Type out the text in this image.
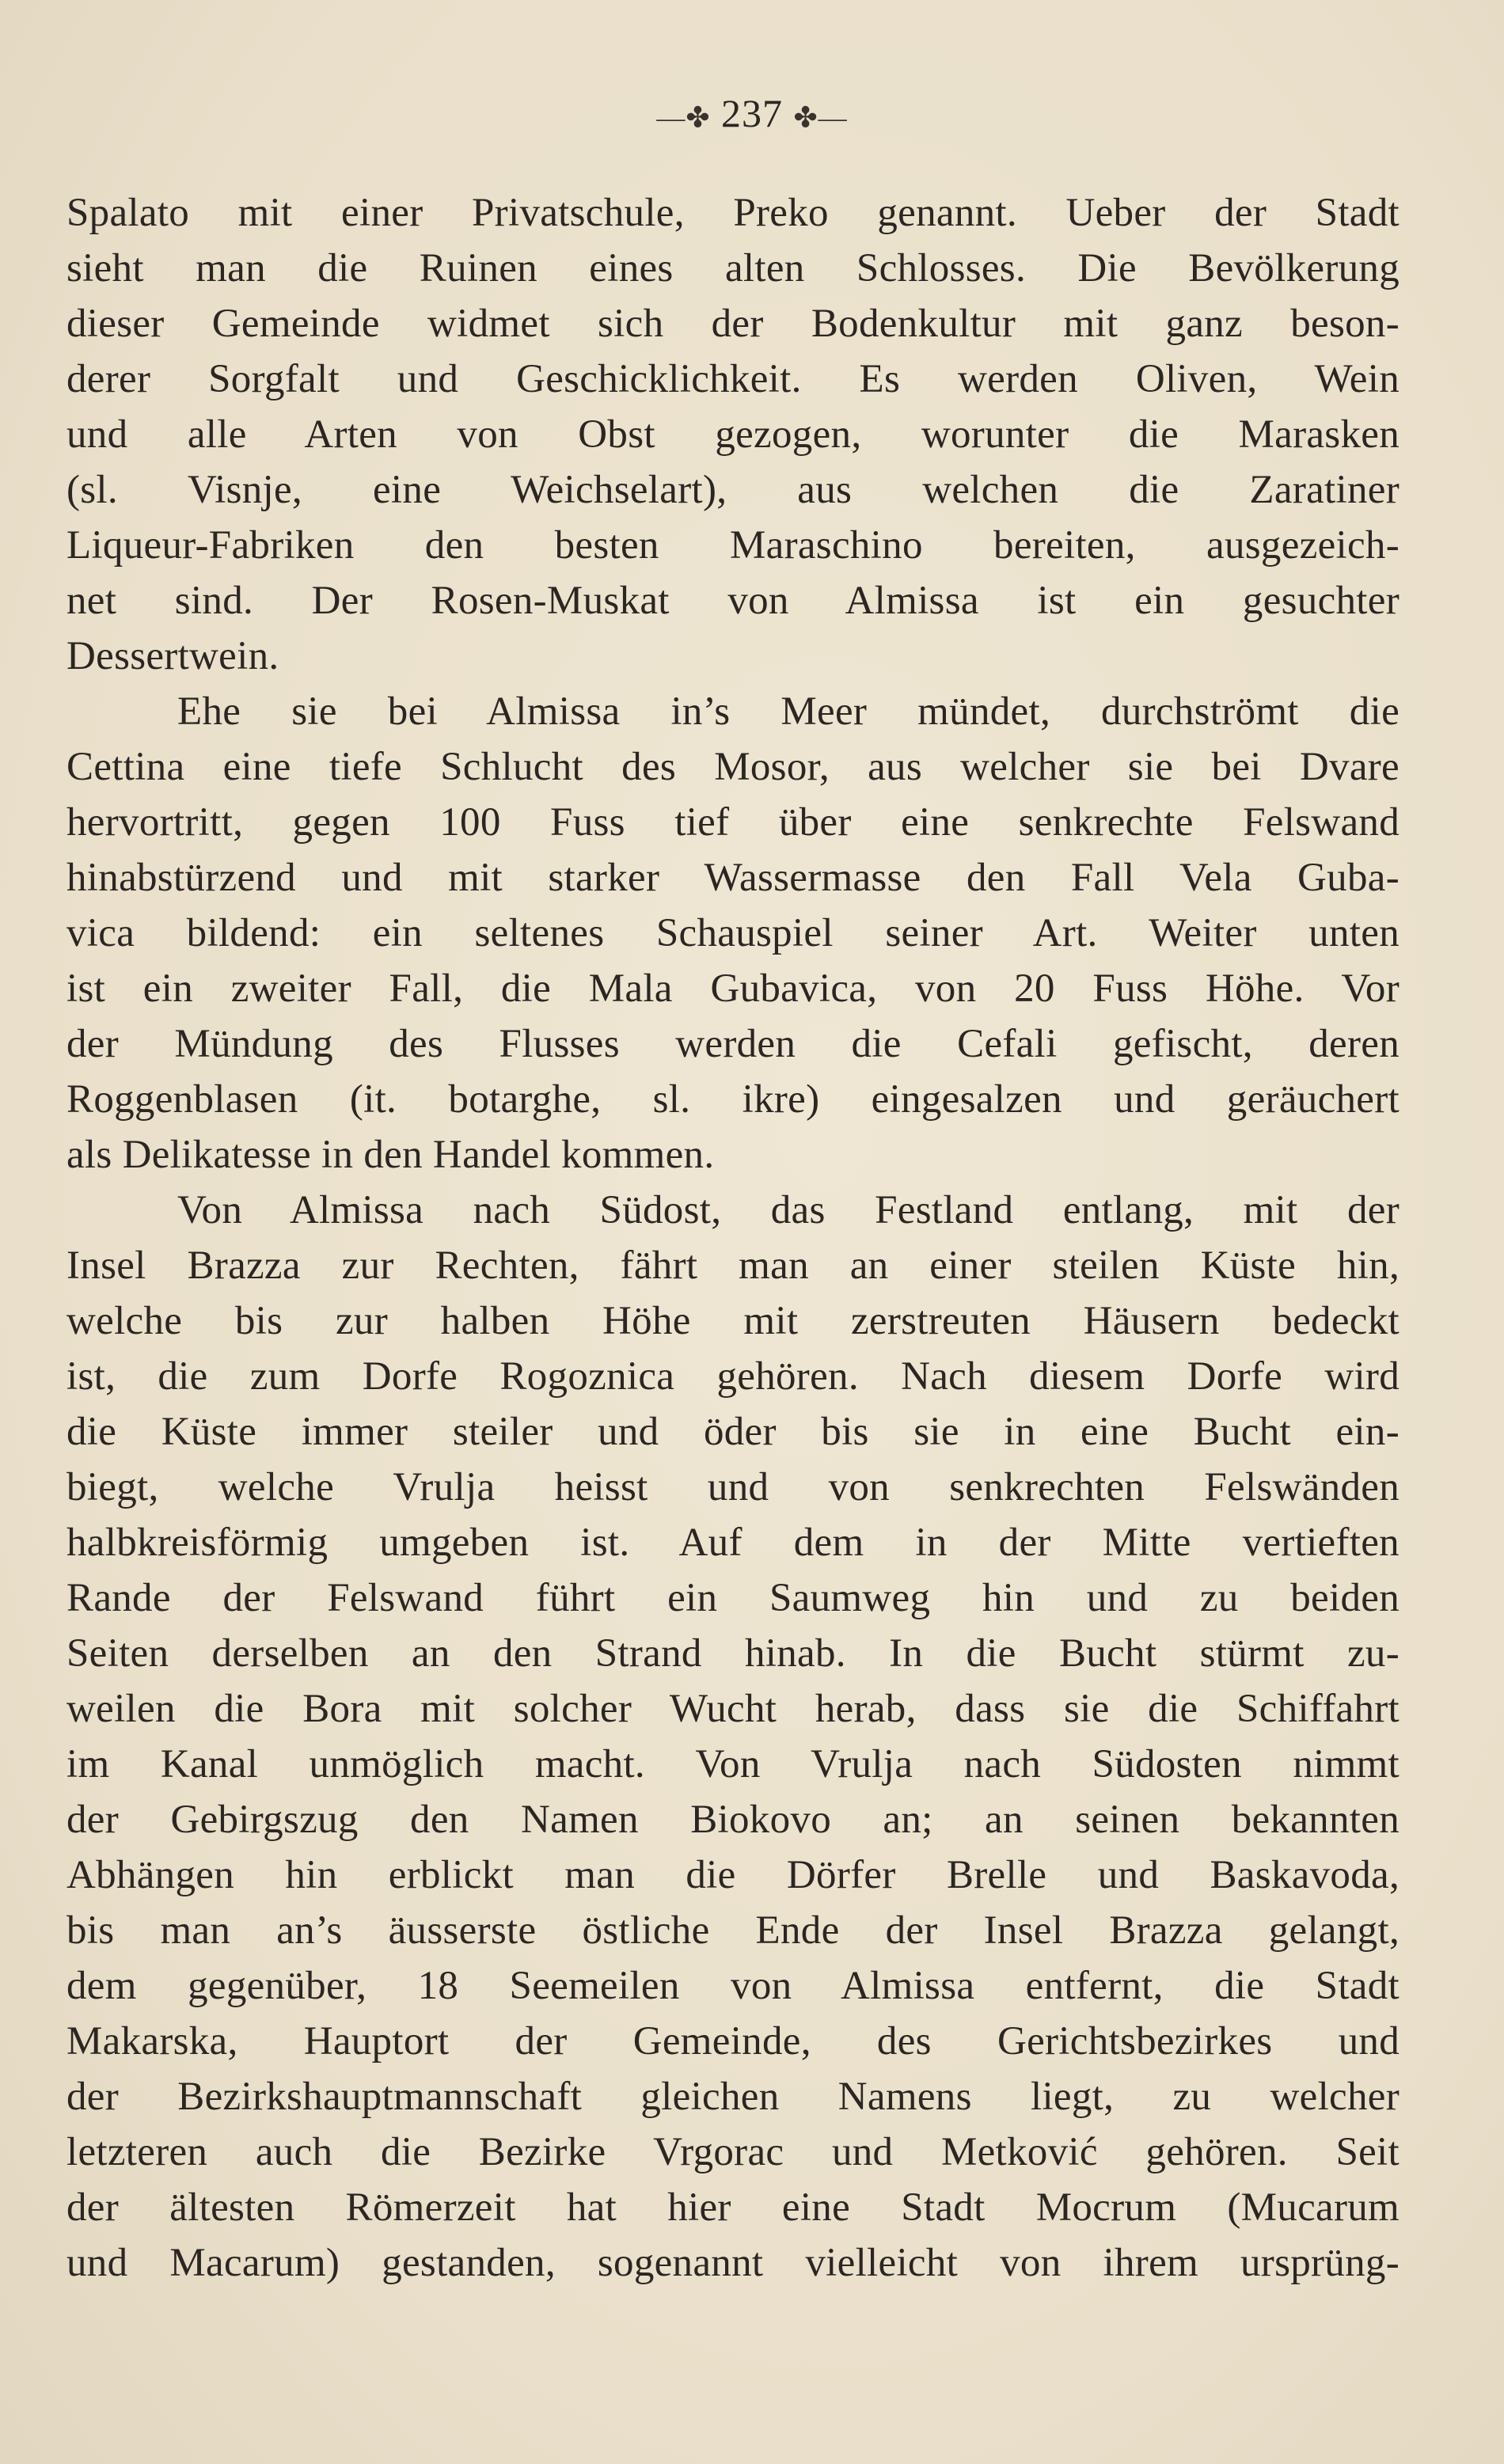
—✤ 237 ✤—
Spalato mit einer Privatschule, Preko genannt. Ueber der Stadt
sieht man die Ruinen eines alten Schlosses. Die Bevölkerung
dieser Gemeinde widmet sich der Bodenkultur mit ganz beson-
derer Sorgfalt und Geschicklichkeit. Es werden Oliven, Wein
und alle Arten von Obst gezogen, worunter die Marasken
(sl. Visnje, eine Weichselart), aus welchen die Zaratiner
Liqueur-Fabriken den besten Maraschino bereiten, ausgezeich-
net sind. Der Rosen-Muskat von Almissa ist ein gesuchter
Dessertwein.
Ehe sie bei Almissa in’s Meer mündet, durchströmt die
Cettina eine tiefe Schlucht des Mosor, aus welcher sie bei Dvare
hervortritt, gegen 100 Fuss tief über eine senkrechte Felswand
hinabstürzend und mit starker Wassermasse den Fall Vela Guba-
vica bildend: ein seltenes Schauspiel seiner Art. Weiter unten
ist ein zweiter Fall, die Mala Gubavica, von 20 Fuss Höhe. Vor
der Mündung des Flusses werden die Cefali gefischt, deren
Roggenblasen (it. botarghe, sl. ikre) eingesalzen und geräuchert
als Delikatesse in den Handel kommen.
Von Almissa nach Südost, das Festland entlang, mit der
Insel Brazza zur Rechten, fährt man an einer steilen Küste hin,
welche bis zur halben Höhe mit zerstreuten Häusern bedeckt
ist, die zum Dorfe Rogoznica gehören. Nach diesem Dorfe wird
die Küste immer steiler und öder bis sie in eine Bucht ein-
biegt, welche Vrulja heisst und von senkrechten Felswänden
halbkreisförmig umgeben ist. Auf dem in der Mitte vertieften
Rande der Felswand führt ein Saumweg hin und zu beiden
Seiten derselben an den Strand hinab. In die Bucht stürmt zu-
weilen die Bora mit solcher Wucht herab, dass sie die Schiffahrt
im Kanal unmöglich macht. Von Vrulja nach Südosten nimmt
der Gebirgszug den Namen Biokovo an; an seinen bekannten
Abhängen hin erblickt man die Dörfer Brelle und Baskavoda,
bis man an’s äusserste östliche Ende der Insel Brazza gelangt,
dem gegenüber, 18 Seemeilen von Almissa entfernt, die Stadt
Makarska, Hauptort der Gemeinde, des Gerichtsbezirkes und
der Bezirkshauptmannschaft gleichen Namens liegt, zu welcher
letzteren auch die Bezirke Vrgorac und Metković gehören. Seit
der ältesten Römerzeit hat hier eine Stadt Mocrum (Mucarum
und Macarum) gestanden, sogenannt vielleicht von ihrem ursprüng-
